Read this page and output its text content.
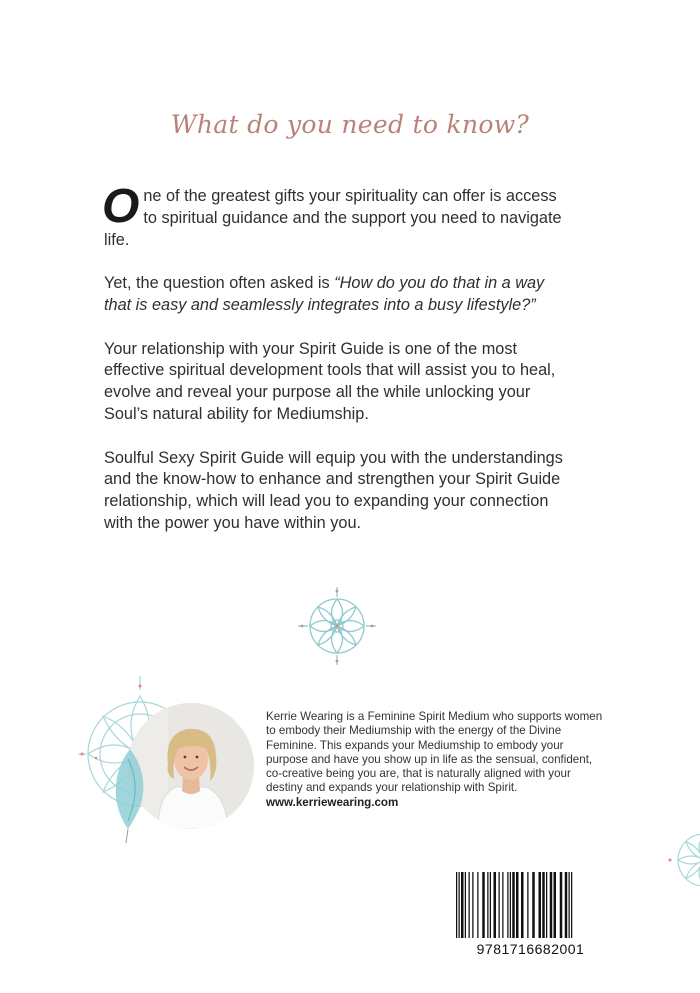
What do you need to know?

One of the greatest gifts your spirituality can offer is access to spiritual guidance and the support you need to navigate life.

Yet, the question often asked is “How do you do that in a way that is easy and seamlessly integrates into a busy lifestyle?”

Your relationship with your Spirit Guide is one of the most effective spiritual development tools that will assist you to heal, evolve and reveal your purpose all the while unlocking your Soul’s natural ability for Mediumship.

Soulful Sexy Spirit Guide will equip you with the understandings and the know-how to enhance and strengthen your Spirit Guide relationship, which will lead you to expanding your connection with the power you have within you.

Kerrie Wearing is a Feminine Spirit Medium who supports women to embody their Mediumship with the energy of the Divine Feminine. This expands your Mediumship to embody your purpose and have you show up in life as the sensual, confident, co-creative being you are, that is naturally aligned with your destiny and expands your relationship with Spirit.
www.kerriewearing.com
9781716682001
